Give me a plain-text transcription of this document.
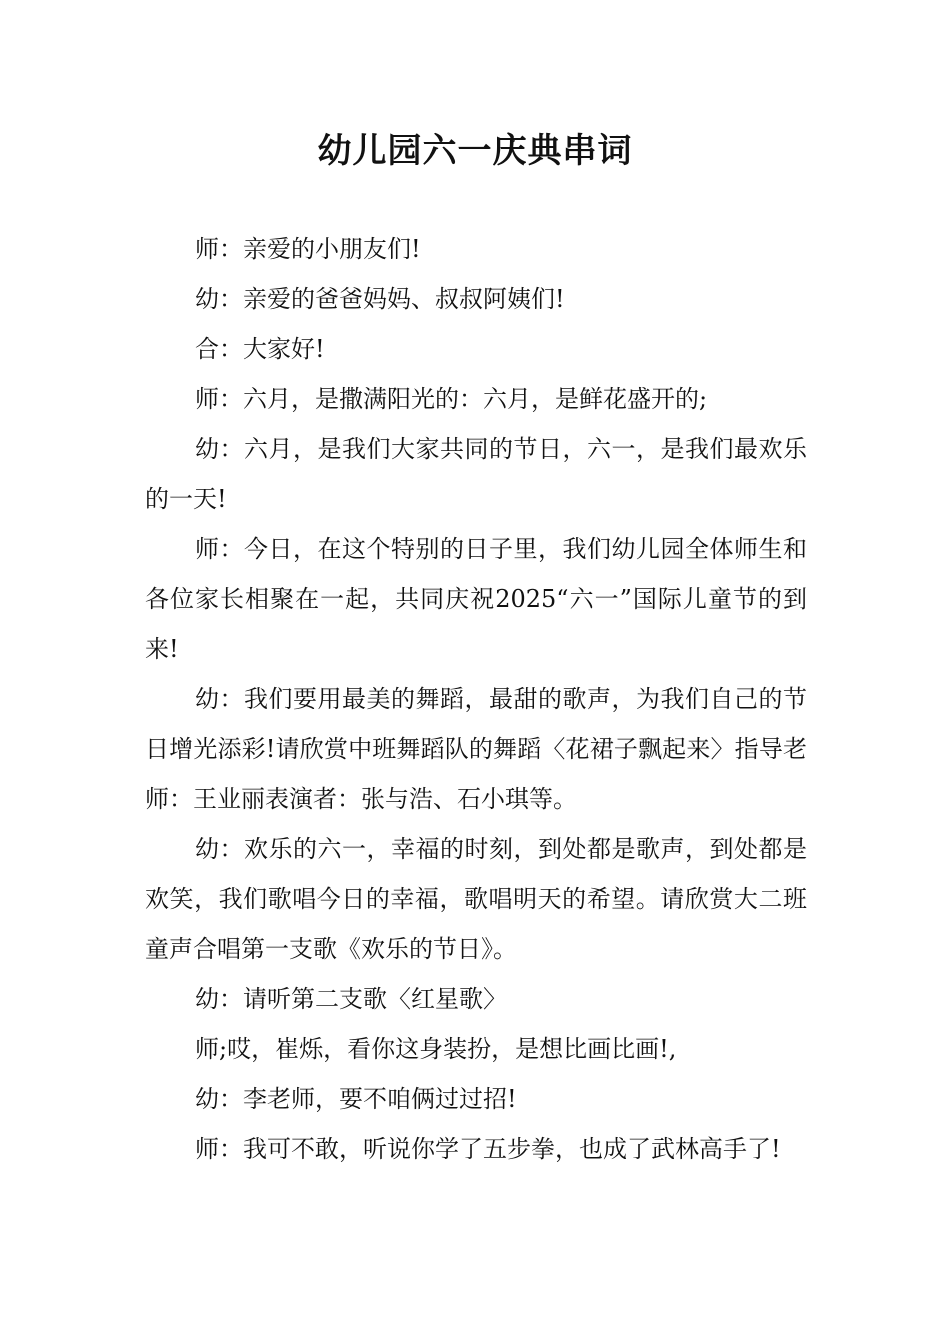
幼儿园六一庆典串词

师：亲爱的小朋友们!

幼：亲爱的爸爸妈妈、叔叔阿姨们!

合：大家好!

师：六月，是撒满阳光的：六月，是鲜花盛开的;

幼：六月，是我们大家共同的节日，六一，是我们最欢乐的一天!

师：今日，在这个特别的日子里，我们幼儿园全体师生和各位家长相聚在一起，共同庆祝2025“六一”国际儿童节的到来!

幼：我们要用最美的舞蹈，最甜的歌声，为我们自己的节日增光添彩!请欣赏中班舞蹈队的舞蹈〈花裙子飘起来〉指导老师：王业丽表演者：张与浩、石小琪等。

幼：欢乐的六一，幸福的时刻，到处都是歌声，到处都是欢笑，我们歌唱今日的幸福，歌唱明天的希望。请欣赏大二班童声合唱第一支歌《欢乐的节日》。

幼：请听第二支歌〈红星歌〉

师;哎，崔烁，看你这身装扮，是想比画比画!,

幼：李老师，要不咱俩过过招!

师：我可不敢，听说你学了五步拳，也成了武林高手了!
